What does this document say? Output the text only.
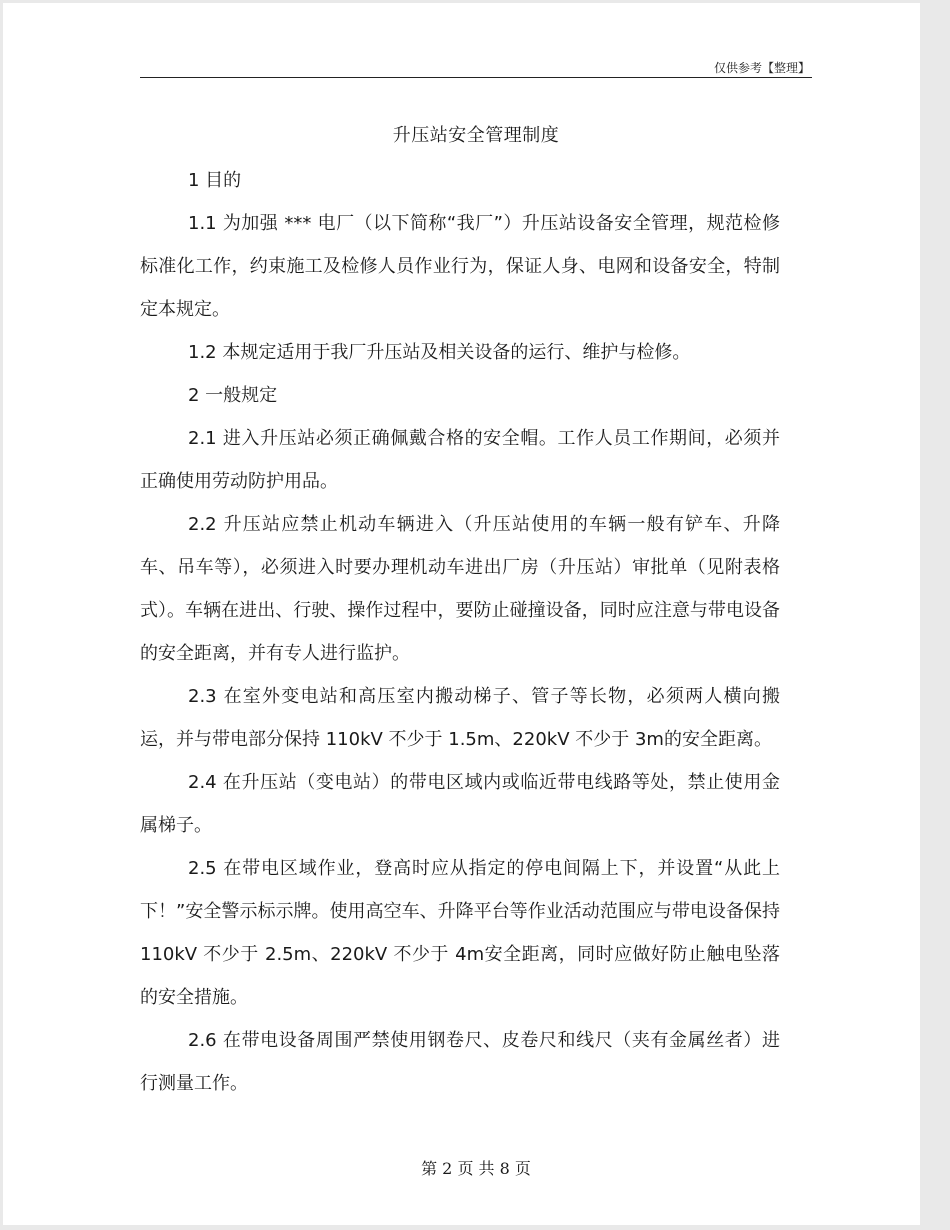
仅供参考【整理】
升压站安全管理制度

1 目的

1.1 为加强 *** 电厂（以下简称“我厂”）升压站设备安全管理，规范检修标准化工作，约束施工及检修人员作业行为，保证人身、电网和设备安全，特制定本规定。

1.2 本规定适用于我厂升压站及相关设备的运行、维护与检修。

2 一般规定

2.1 进入升压站必须正确佩戴合格的安全帽。工作人员工作期间，必须并正确使用劳动防护用品。

2.2 升压站应禁止机动车辆进入（升压站使用的车辆一般有铲车、升降车、吊车等），必须进入时要办理机动车进出厂房（升压站）审批单（见附表格式）。车辆在进出、行驶、操作过程中，要防止碰撞设备，同时应注意与带电设备的安全距离，并有专人进行监护。

2.3 在室外变电站和高压室内搬动梯子、管子等长物，必须两人横向搬运，并与带电部分保持 110kV 不少于 1.5m、220kV 不少于 3m的安全距离。

2.4 在升压站（变电站）的带电区域内或临近带电线路等处，禁止使用金属梯子。

2.5 在带电区域作业，登高时应从指定的停电间隔上下，并设置“从此上下！”安全警示标示牌。使用高空车、升降平台等作业活动范围应与带电设备保持 110kV 不少于 2.5m、220kV 不少于 4m安全距离，同时应做好防止触电坠落的安全措施。

2.6 在带电设备周围严禁使用钢卷尺、皮卷尺和线尺（夹有金属丝者）进行测量工作。

第 2 页 共 8 页
